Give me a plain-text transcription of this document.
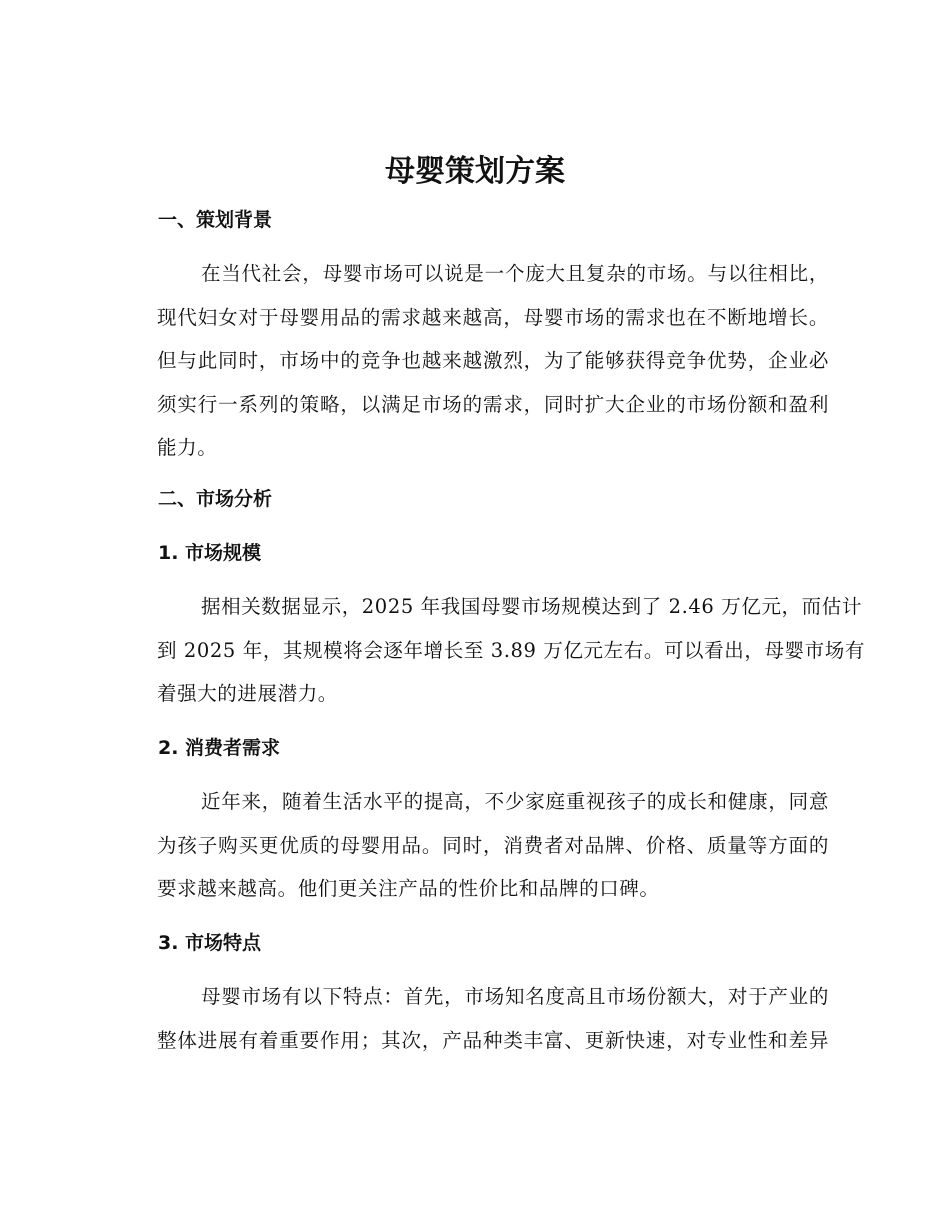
母婴策划方案
一、策划背景
在当代社会，母婴市场可以说是一个庞大且复杂的市场。与以往相比，
现代妇女对于母婴用品的需求越来越高，母婴市场的需求也在不断地增长。
但与此同时，市场中的竞争也越来越激烈，为了能够获得竞争优势，企业必
须实行一系列的策略，以满足市场的需求，同时扩大企业的市场份额和盈利
能力。
二、市场分析
1. 市场规模
据相关数据显示，2025 年我国母婴市场规模达到了 2.46 万亿元，而估计
到 2025 年，其规模将会逐年增长至 3.89 万亿元左右。可以看出，母婴市场有
着强大的进展潜力。
2. 消费者需求
近年来，随着生活水平的提高，不少家庭重视孩子的成长和健康，同意
为孩子购买更优质的母婴用品。同时，消费者对品牌、价格、质量等方面的
要求越来越高。他们更关注产品的性价比和品牌的口碑。
3. 市场特点
母婴市场有以下特点：首先，市场知名度高且市场份额大，对于产业的
整体进展有着重要作用；其次，产品种类丰富、更新快速，对专业性和差异
